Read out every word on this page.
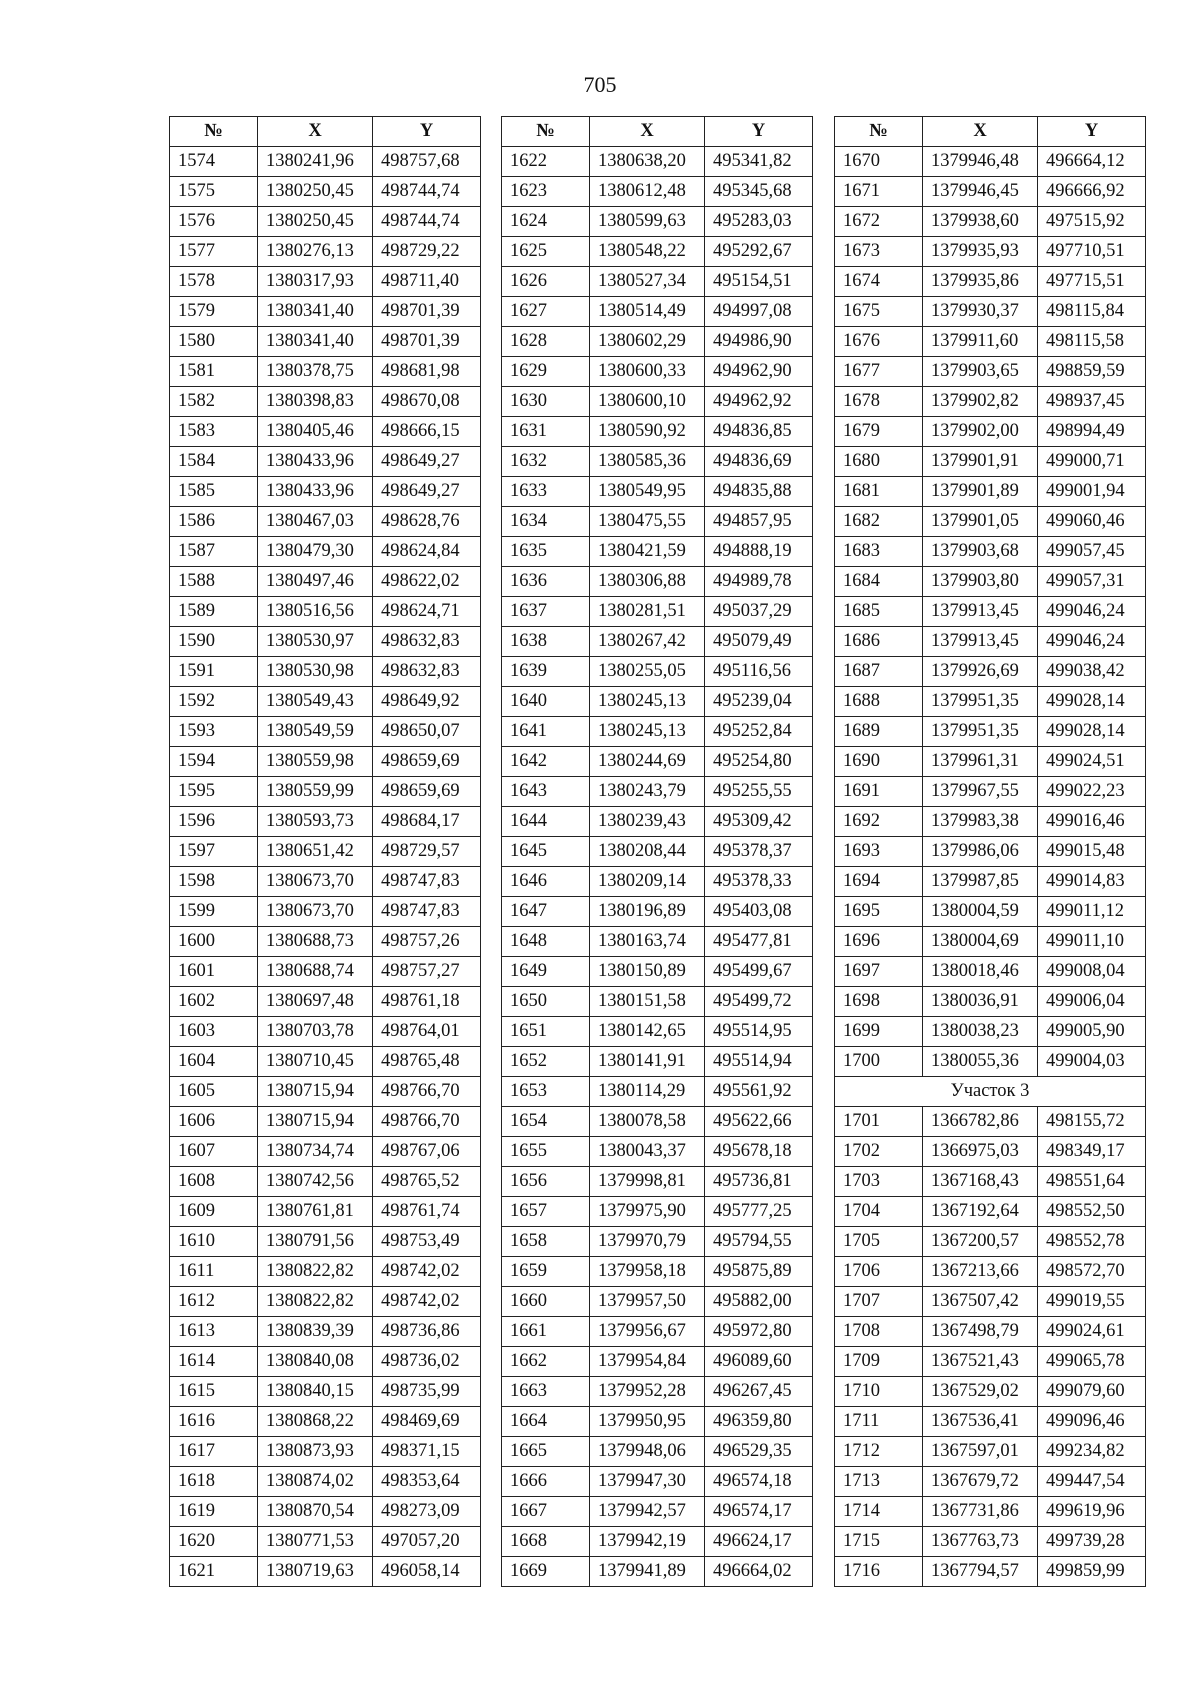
705
№	X	Y
1574	1380241,96	498757,68
1575	1380250,45	498744,74
1576	1380250,45	498744,74
1577	1380276,13	498729,22
1578	1380317,93	498711,40
1579	1380341,40	498701,39
1580	1380341,40	498701,39
1581	1380378,75	498681,98
1582	1380398,83	498670,08
1583	1380405,46	498666,15
1584	1380433,96	498649,27
1585	1380433,96	498649,27
1586	1380467,03	498628,76
1587	1380479,30	498624,84
1588	1380497,46	498622,02
1589	1380516,56	498624,71
1590	1380530,97	498632,83
1591	1380530,98	498632,83
1592	1380549,43	498649,92
1593	1380549,59	498650,07
1594	1380559,98	498659,69
1595	1380559,99	498659,69
1596	1380593,73	498684,17
1597	1380651,42	498729,57
1598	1380673,70	498747,83
1599	1380673,70	498747,83
1600	1380688,73	498757,26
1601	1380688,74	498757,27
1602	1380697,48	498761,18
1603	1380703,78	498764,01
1604	1380710,45	498765,48
1605	1380715,94	498766,70
1606	1380715,94	498766,70
1607	1380734,74	498767,06
1608	1380742,56	498765,52
1609	1380761,81	498761,74
1610	1380791,56	498753,49
1611	1380822,82	498742,02
1612	1380822,82	498742,02
1613	1380839,39	498736,86
1614	1380840,08	498736,02
1615	1380840,15	498735,99
1616	1380868,22	498469,69
1617	1380873,93	498371,15
1618	1380874,02	498353,64
1619	1380870,54	498273,09
1620	1380771,53	497057,20
1621	1380719,63	496058,14
№	X	Y
1622	1380638,20	495341,82
1623	1380612,48	495345,68
1624	1380599,63	495283,03
1625	1380548,22	495292,67
1626	1380527,34	495154,51
1627	1380514,49	494997,08
1628	1380602,29	494986,90
1629	1380600,33	494962,90
1630	1380600,10	494962,92
1631	1380590,92	494836,85
1632	1380585,36	494836,69
1633	1380549,95	494835,88
1634	1380475,55	494857,95
1635	1380421,59	494888,19
1636	1380306,88	494989,78
1637	1380281,51	495037,29
1638	1380267,42	495079,49
1639	1380255,05	495116,56
1640	1380245,13	495239,04
1641	1380245,13	495252,84
1642	1380244,69	495254,80
1643	1380243,79	495255,55
1644	1380239,43	495309,42
1645	1380208,44	495378,37
1646	1380209,14	495378,33
1647	1380196,89	495403,08
1648	1380163,74	495477,81
1649	1380150,89	495499,67
1650	1380151,58	495499,72
1651	1380142,65	495514,95
1652	1380141,91	495514,94
1653	1380114,29	495561,92
1654	1380078,58	495622,66
1655	1380043,37	495678,18
1656	1379998,81	495736,81
1657	1379975,90	495777,25
1658	1379970,79	495794,55
1659	1379958,18	495875,89
1660	1379957,50	495882,00
1661	1379956,67	495972,80
1662	1379954,84	496089,60
1663	1379952,28	496267,45
1664	1379950,95	496359,80
1665	1379948,06	496529,35
1666	1379947,30	496574,18
1667	1379942,57	496574,17
1668	1379942,19	496624,17
1669	1379941,89	496664,02
№	X	Y
1670	1379946,48	496664,12
1671	1379946,45	496666,92
1672	1379938,60	497515,92
1673	1379935,93	497710,51
1674	1379935,86	497715,51
1675	1379930,37	498115,84
1676	1379911,60	498115,58
1677	1379903,65	498859,59
1678	1379902,82	498937,45
1679	1379902,00	498994,49
1680	1379901,91	499000,71
1681	1379901,89	499001,94
1682	1379901,05	499060,46
1683	1379903,68	499057,45
1684	1379903,80	499057,31
1685	1379913,45	499046,24
1686	1379913,45	499046,24
1687	1379926,69	499038,42
1688	1379951,35	499028,14
1689	1379951,35	499028,14
1690	1379961,31	499024,51
1691	1379967,55	499022,23
1692	1379983,38	499016,46
1693	1379986,06	499015,48
1694	1379987,85	499014,83
1695	1380004,59	499011,12
1696	1380004,69	499011,10
1697	1380018,46	499008,04
1698	1380036,91	499006,04
1699	1380038,23	499005,90
1700	1380055,36	499004,03
Участок 3		
1701	1366782,86	498155,72
1702	1366975,03	498349,17
1703	1367168,43	498551,64
1704	1367192,64	498552,50
1705	1367200,57	498552,78
1706	1367213,66	498572,70
1707	1367507,42	499019,55
1708	1367498,79	499024,61
1709	1367521,43	499065,78
1710	1367529,02	499079,60
1711	1367536,41	499096,46
1712	1367597,01	499234,82
1713	1367679,72	499447,54
1714	1367731,86	499619,96
1715	1367763,73	499739,28
1716	1367794,57	499859,99
